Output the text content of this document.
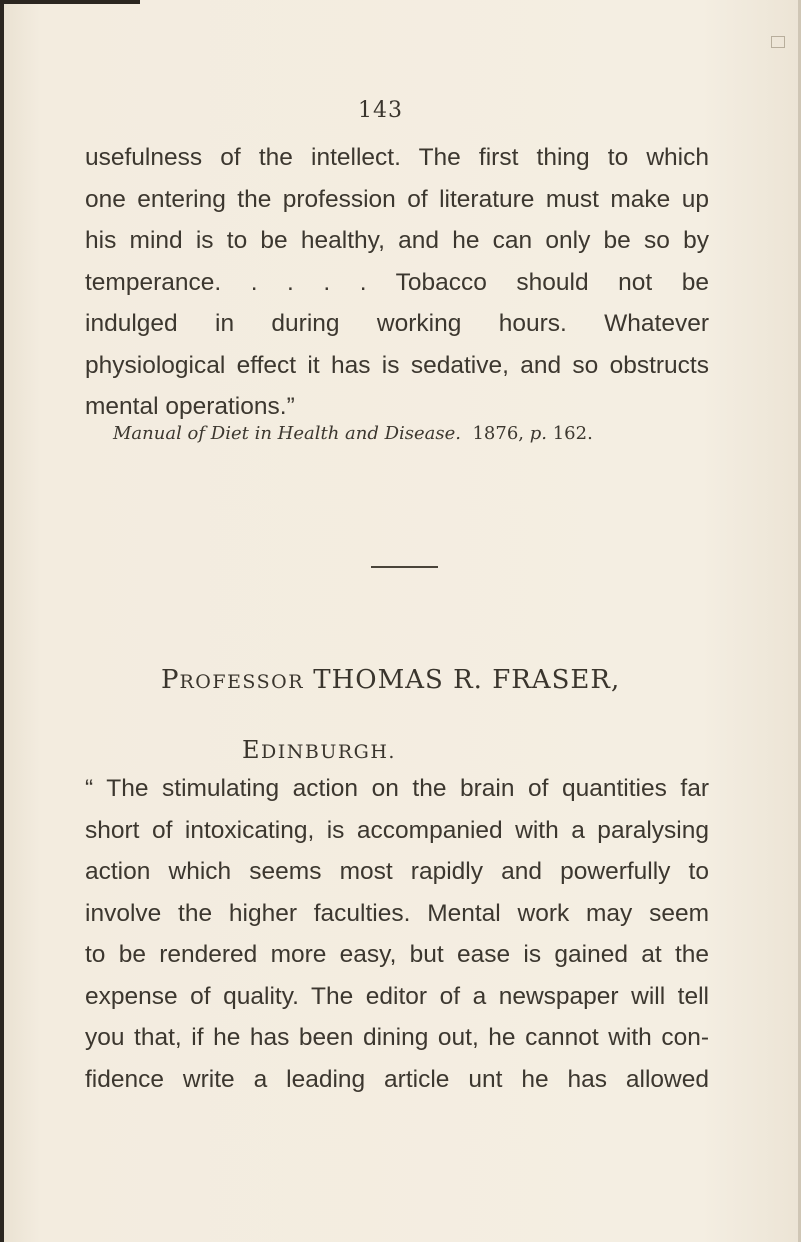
143
usefulness of the intellect. The first thing to which
one entering the profession of literature must make up
his mind is to be healthy, and he can only be so by
temperance. . . . . Tobacco should not be
indulged in during working hours. Whatever
physiological effect it has is sedative, and so obstructs
mental operations.”
Manual of Diet in Health and Disease. 1876, p. 162.
PROFESSOR THOMAS R. FRASER,
EDINBURGH.
“ The stimulating action on the brain of quantities far
short of intoxicating, is accompanied with a paralysing
action which seems most rapidly and powerfully to
involve the higher faculties. Mental work may seem
to be rendered more easy, but ease is gained at the
expense of quality. The editor of a newspaper will tell
you that, if he has been dining out, he cannot with con-
fidence write a leading article unt he has allowed
